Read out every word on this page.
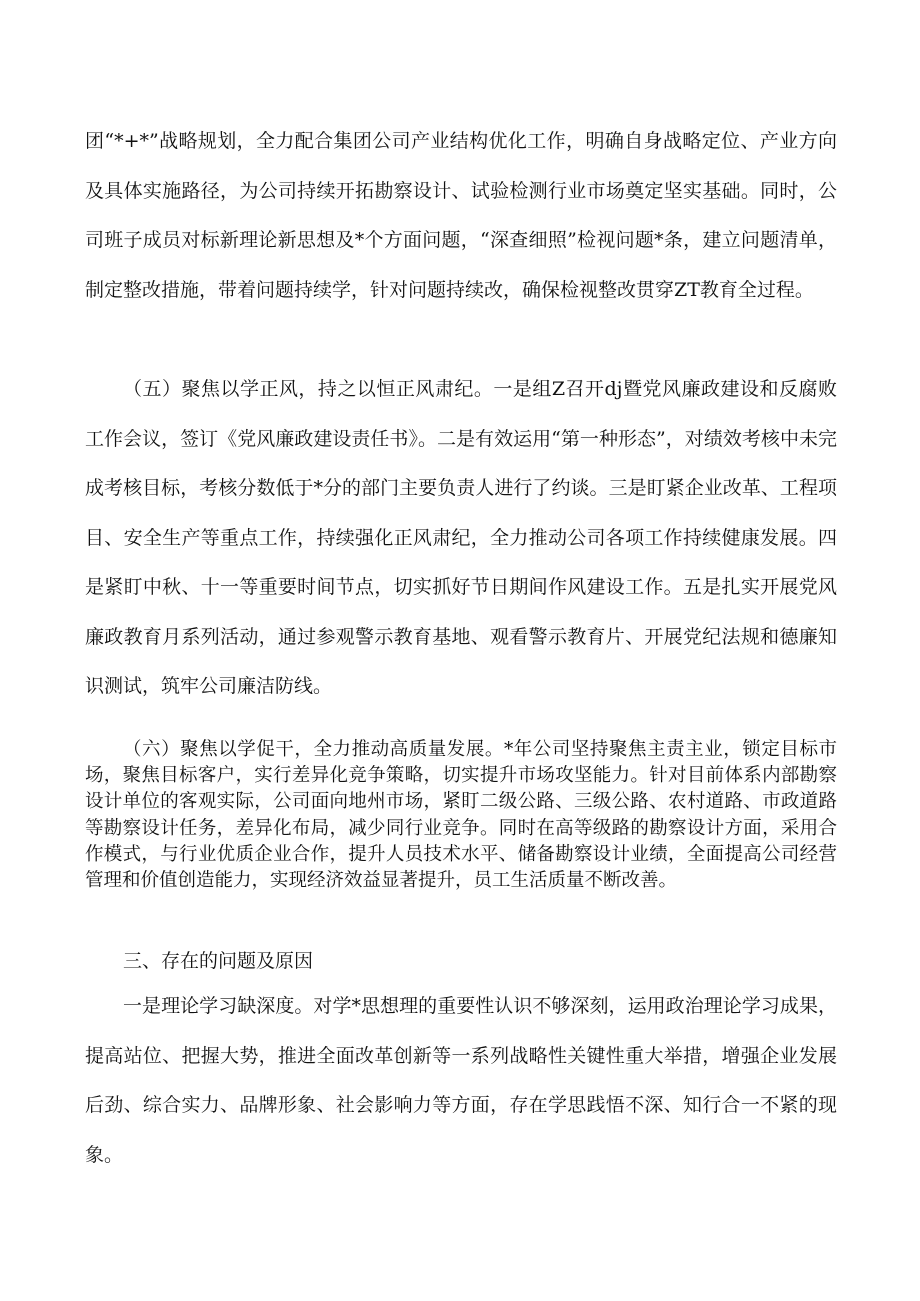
团“*+*”战略规划，全力配合集团公司产业结构优化工作，明确自身战略定位、产业方向及具体实施路径，为公司持续开拓勘察设计、试验检测行业市场奠定坚实基础。同时，公司班子成员对标新理论新思想及*个方面问题，“深查细照”检视问题*条，建立问题清单，制定整改措施，带着问题持续学，针对问题持续改，确保检视整改贯穿ZT教育全过程。

（五）聚焦以学正风，持之以恒正风肃纪。一是组Z召开dj暨党风廉政建设和反腐败工作会议，签订《党风廉政建设责任书》。二是有效运用“第一种形态”，对绩效考核中未完成考核目标，考核分数低于*分的部门主要负责人进行了约谈。三是盯紧企业改革、工程项目、安全生产等重点工作，持续强化正风肃纪，全力推动公司各项工作持续健康发展。四是紧盯中秋、十一等重要时间节点，切实抓好节日期间作风建设工作。五是扎实开展党风廉政教育月系列活动，通过参观警示教育基地、观看警示教育片、开展党纪法规和德廉知识测试，筑牢公司廉洁防线。

（六）聚焦以学促干，全力推动高质量发展。*年公司坚持聚焦主责主业，锁定目标市场，聚焦目标客户，实行差异化竞争策略，切实提升市场攻坚能力。针对目前体系内部勘察设计单位的客观实际，公司面向地州市场，紧盯二级公路、三级公路、农村道路、市政道路等勘察设计任务，差异化布局，减少同行业竞争。同时在高等级路的勘察设计方面，采用合作模式，与行业优质企业合作，提升人员技术水平、储备勘察设计业绩，全面提高公司经营管理和价值创造能力，实现经济效益显著提升，员工生活质量不断改善。

三、存在的问题及原因

一是理论学习缺深度。对学*思想理的重要性认识不够深刻，运用政治理论学习成果，提高站位、把握大势，推进全面改革创新等一系列战略性关键性重大举措，增强企业发展后劲、综合实力、品牌形象、社会影响力等方面，存在学思践悟不深、知行合一不紧的现象。
